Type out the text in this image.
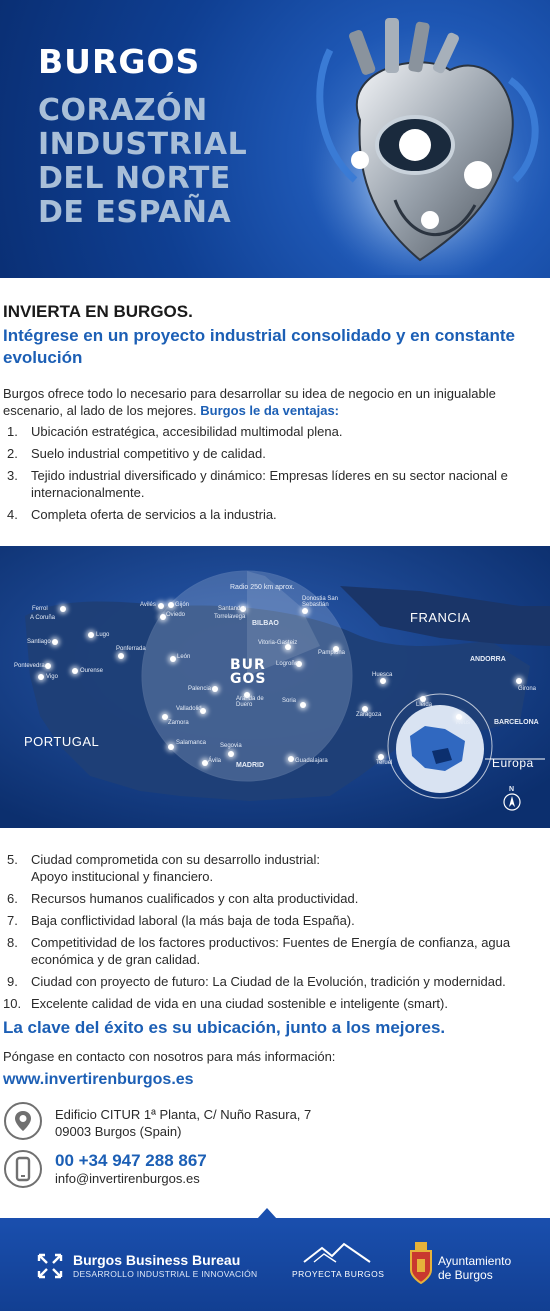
BURGOS
CORAZÓN
INDUSTRIAL
DEL NORTE
DE ESPAÑA
INVIERTA EN BURGOS.
Intégrese en un proyecto industrial consolidado y en constante evolución

Burgos ofrece todo lo necesario para desarrollar su idea de negocio en un inigualable escenario, al lado de los mejores. Burgos le da ventajas:

1. Ubicación estratégica, accesibilidad multimodal plena.
2. Suelo industrial competitivo y de calidad.
3. Tejido industrial diversificado y dinámico: Empresas líderes en su sector nacional e internacionalmente.
4. Completa oferta de servicios a la industria.
Radio 250 km aprox.
BUR
GOS
FRANCIA
PORTUGAL
Europa
BILBAO
MADRID
ANDORRA
BARCELONA
N
Ferrol
A Coruña
Santiago
Lugo
Pontevedra
Vigo
Ourense
Avilés	Gijón
Oviedo
Ponferrada
León
Santander
Torrelavega
Donostia San Sebastián
Vitoria-Gasteiz
Logroño
Pamplona
Palencia
Valladolid
Zamora
Aranda de Duero
Soria
Salamanca Segovia
Ávila	Guadalajara
Huesca
Zaragoza
Lleida
Girona
Reus
Teruel
5. Ciudad comprometida con su desarrollo industrial: Apoyo institucional y financiero.
6. Recursos humanos cualificados y con alta productividad.
7. Baja conflictividad laboral (la más baja de toda España).
8. Competitividad de los factores productivos: Fuentes de Energía de confianza, agua económica y de gran calidad.
9. Ciudad con proyecto de futuro: La Ciudad de la Evolución, tradición y modernidad.
10. Excelente calidad de vida en una ciudad sostenible e inteligente (smart).
La clave del éxito es su ubicación, junto a los mejores.
Póngase en contacto con nosotros para más información:
www.invertirenburgos.es
Edificio CITUR 1ª Planta, C/ Nuño Rasura, 7
09003 Burgos (Spain)
00 +34 947 288 867
info@invertirenburgos.es
Burgos Business Bureau
DESARROLLO INDUSTRIAL E INNOVACIÓN	PROYECTA BURGOS
Ayuntamiento
de Burgos
